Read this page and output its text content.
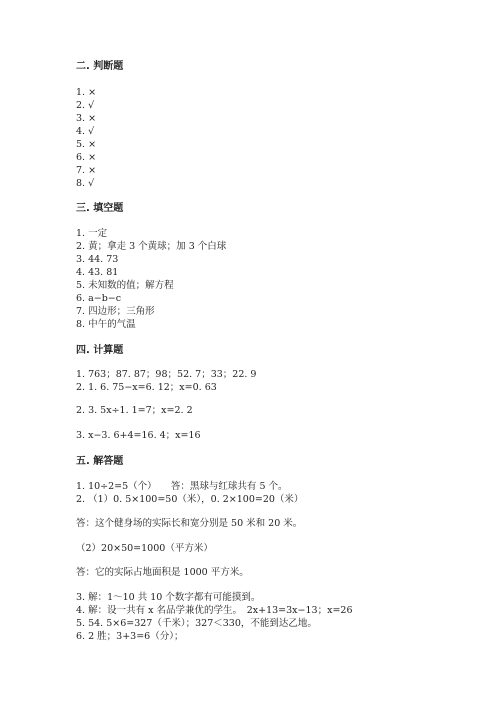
二. 判断题
1. ×
2. √
3. ×
4. √
5. ×
6. ×
7. ×
8. √
三. 填空题
1. 一定
2. 黄；拿走 3 个黄球；加 3 个白球
3. 44. 73
4. 43. 81
5. 未知数的值；解方程
6. a−b−c
7. 四边形；三角形
8. 中午的气温
四. 计算题
1. 763；87. 87；98；52. 7；33；22. 9
2. 1. 6. 75−x=6. 12；x=0. 63
2. 3. 5x÷1. 1=7；x=2. 2
3. x−3. 6+4=16. 4；x=16
五. 解答题
1. 10÷2=5（个）　　答：黑球与红球共有 5 个。
2. （1）0. 5×100=50（米），0. 2×100=20（米）
答：这个健身场的实际长和宽分别是 50 米和 20 米。
（2）20×50=1000（平方米）
答：它的实际占地面积是 1000 平方米。
3. 解：1～10 共 10 个数字都有可能摸到。
4. 解：设一共有 x 名品学兼优的学生。　2x+13=3x−13；x=26
5. 54. 5×6=327（千米）；327＜330，不能到达乙地。
6. 2 胜；3+3=6（分）；
